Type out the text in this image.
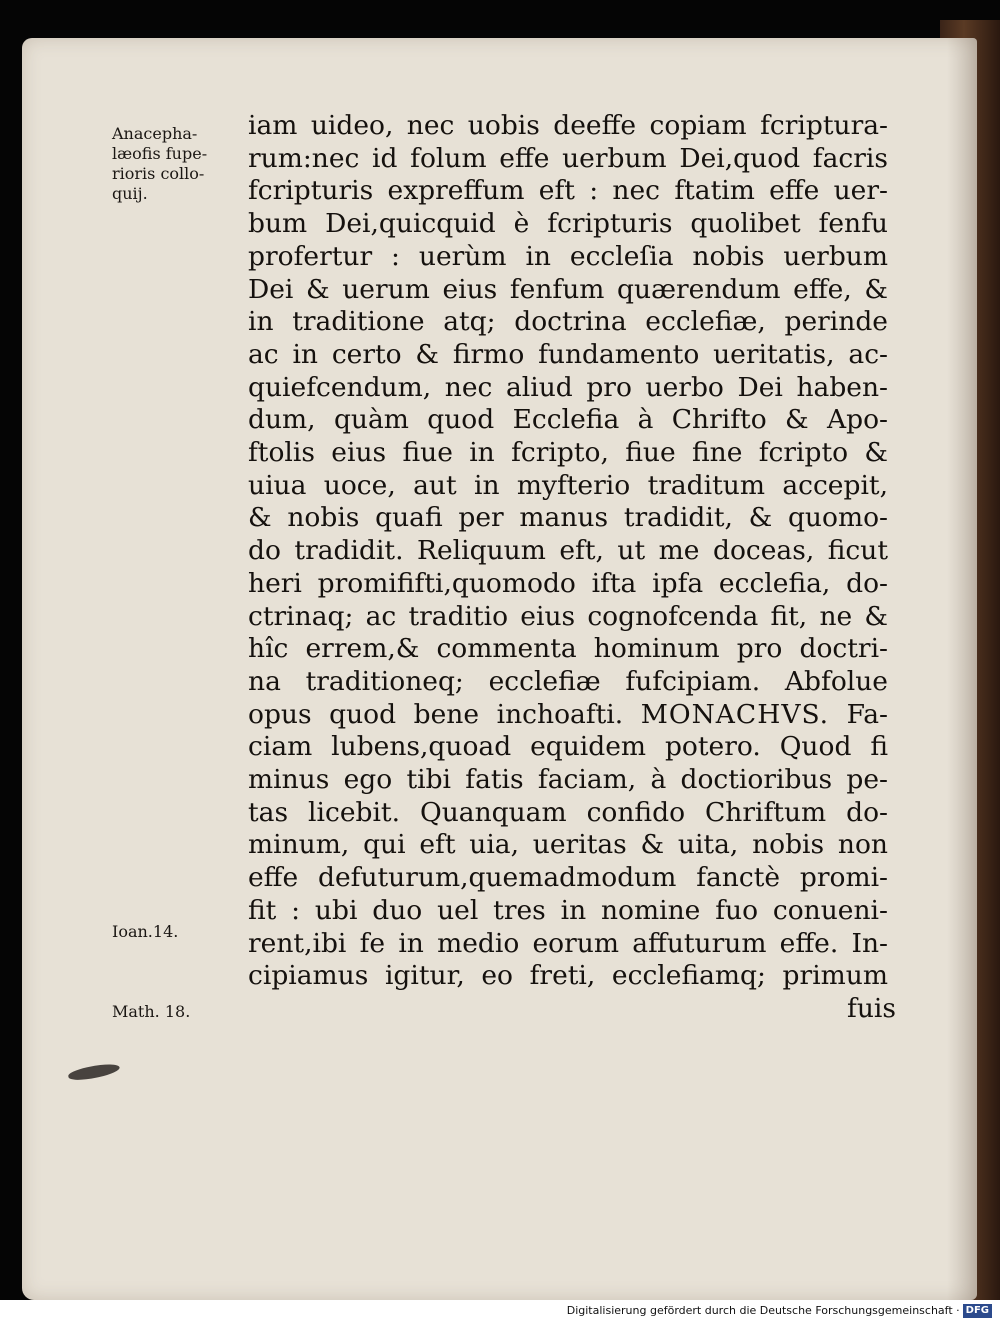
Anacepha-
læofis fupe-
rioris collo-
quij.
Ioan.14.
Math. 18.
iam uideo, nec uobis deeffe copiam fcriptura-
rum:nec id folum effe uerbum Dei,quod facris
fcripturis expreffum eft : nec ftatim effe uer-
bum Dei,quicquid è fcripturis quolibet fenfu
profertur : uerùm in eccleſia nobis uerbum
Dei & uerum eius fenfum quærendum effe, &
in traditione atq; doctrina ecclefiæ, perinde
ac in certo & firmo fundamento ueritatis, ac-
quiefcendum, nec aliud pro uerbo Dei haben-
dum, quàm quod Ecclefia à Chrifto & Apo-
ftolis eius fiue in fcripto, fiue fine fcripto &
uiua uoce, aut in myfterio traditum accepit,
& nobis quafi per manus tradidit, & quomo-
do tradidit. Reliquum eft, ut me doceas, ficut
heri promififti,quomodo ifta ipfa ecclefia, do-
ctrinaq; ac traditio eius cognofcenda fit, ne &
hîc errem,& commenta hominum pro doctri-
na traditioneq; ecclefiæ fufcipiam. Abfolue
opus quod bene inchoafti. MONACHVS. Fa-
ciam lubens,quoad equidem potero. Quod fi
minus ego tibi fatis faciam, à doctioribus pe-
tas licebit. Quanquam confido Chriftum do-
minum, qui eft uia, ueritas & uita, nobis non
effe defuturum,quemadmodum fanctè promi-
fit : ubi duo uel tres in nomine fuo conueni-
rent,ibi fe in medio eorum affuturum effe. In-
cipiamus igitur, eo freti, ecclefiamq; primum
fuis
Digitalisierung gefördert durch die Deutsche Forschungsgemeinschaft · DFG
